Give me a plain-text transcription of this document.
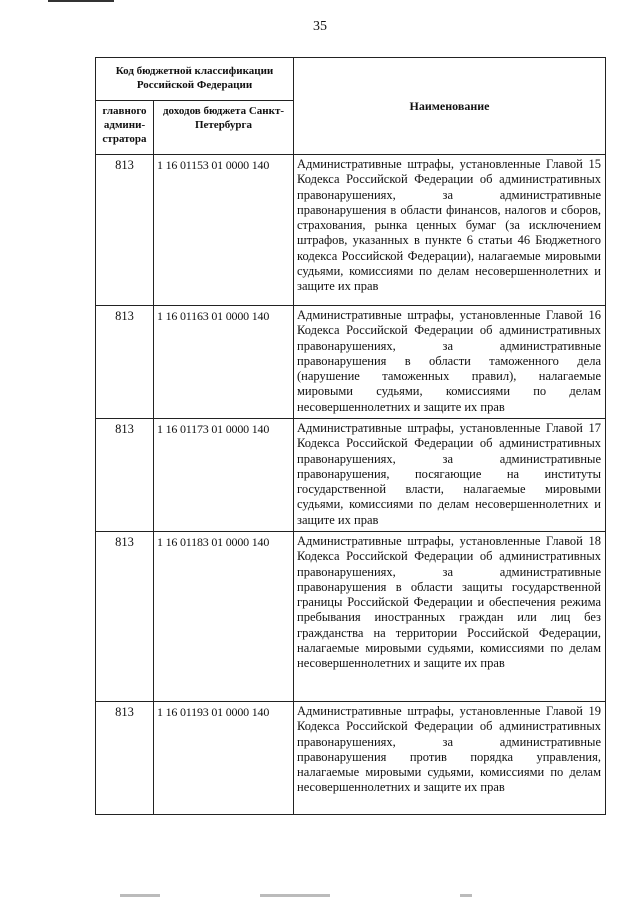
35
Код бюджетной классификации Российской Федерации		Наименование
главного админи-стратора	доходов бюджета Санкт-Петербурга	
813	1 16 01153 01 0000 140	Административные штрафы, установленные Главой 15 Кодекса Российской Федерации об административных правонарушениях, за административные правонарушения в области финансов, налогов и сборов, страхования, рынка ценных бумаг (за исключением штрафов, указанных в пункте 6 статьи 46 Бюджетного кодекса Российской Федерации), налагаемые мировыми судьями, комиссиями по делам несовершеннолетних и защите их прав
813	1 16 01163 01 0000 140	Административные штрафы, установленные Главой 16 Кодекса Российской Федерации об административных правонарушениях, за административные правонарушения в области таможенного дела (нарушение таможенных правил), налагаемые мировыми судьями, комиссиями по делам несовершеннолетних и защите их прав
813	1 16 01173 01 0000 140	Административные штрафы, установленные Главой 17 Кодекса Российской Федерации об административных правонарушениях, за административные правонарушения, посягающие на институты государственной власти, налагаемые мировыми судьями, комиссиями по делам несовершеннолетних и защите их прав
813	1 16 01183 01 0000 140	Административные штрафы, установленные Главой 18 Кодекса Российской Федерации об административных правонарушениях, за административные правонарушения в области защиты государственной границы Российской Федерации и обеспечения режима пребывания иностранных граждан или лиц без гражданства на территории Российской Федерации, налагаемые мировыми судьями, комиссиями по делам несовершеннолетних и защите их прав
813	1 16 01193 01 0000 140	Административные штрафы, установленные Главой 19 Кодекса Российской Федерации об административных правонарушениях, за административные правонарушения против порядка управления, налагаемые мировыми судьями, комиссиями по делам несовершеннолетних и защите их прав
